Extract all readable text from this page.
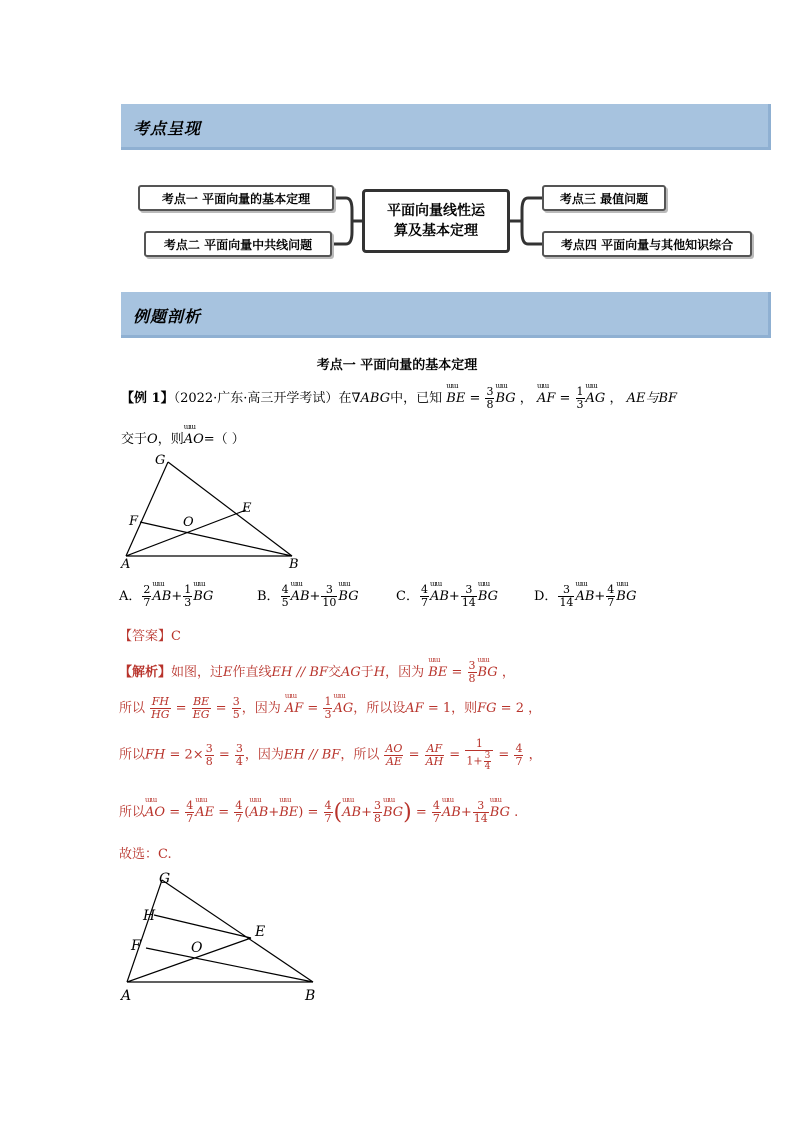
考点呈现
考点一 平面向量的基本定理
考点二 平面向量中共线问题
平面向量线性运
算及基本定理
考点三 最值问题
考点四 平面向量与其他知识综合
例题剖析
考点一 平面向量的基本定理
【例 1】（2022·广东·高三开学考试）在∇ABG中，已知 ɯɯ BE = $\frac{3}{8}$ ɯɯ BG ， ɯɯ AF = $\frac{1}{3}$ ɯɯ AG ， AE与BF
交于O，则ɯɯ AO=（ ）
G
E
F	O
A	B
A． $\frac{2}{7}$ ɯɯ $AB+ \frac{1}{3}$ ɯɯ BG	B． $\frac{4}{5}$ ɯɯ $AB+ \frac{3}{10}$ ɯɯ BG	C． $\frac{4}{7}$ ɯɯ $AB+ \frac{3}{14}$ ɯɯ BG	D． $\frac{3}{14}$ ɯɯ $AB+ \frac{4}{7}$ ɯɯ BG
【答案】C
【解析】如图，过E作直线EH // BF交AG于H，因为 ɯɯ BE = $\frac{3}{8}$ ɯɯ BG ，
所以 $\frac{FH}{HG} = \frac{BE}{EG} = \frac{3}{5}$ ，因为 ɯɯ AF = $\frac{1}{3}$ ɯɯ AG，所以设AF = 1，则FG = 2 ，
所以FH = $2\times \frac{3}{8} = \frac{3}{4}$ ，因为EH // BF，所以 $\frac{AO}{AE} = \frac{AF}{AH} = \frac{1}{1+ \frac{3}{4}} = \frac{4}{7}$ ，
所以ɯɯ AO = $\frac{4}{7}$ ɯɯ AE = $\frac{4}{7}$ (ɯɯ AB+ɯɯ $BE) = \frac{4}{7}$ (ɯɯ $AB+ \frac{3}{8}$ ɯɯ $BG) = \frac{4}{7}$ ɯɯ $AB+ \frac{3}{14}$ ɯɯ BG .
故选：C.
G
H
E
F	O
A	B
